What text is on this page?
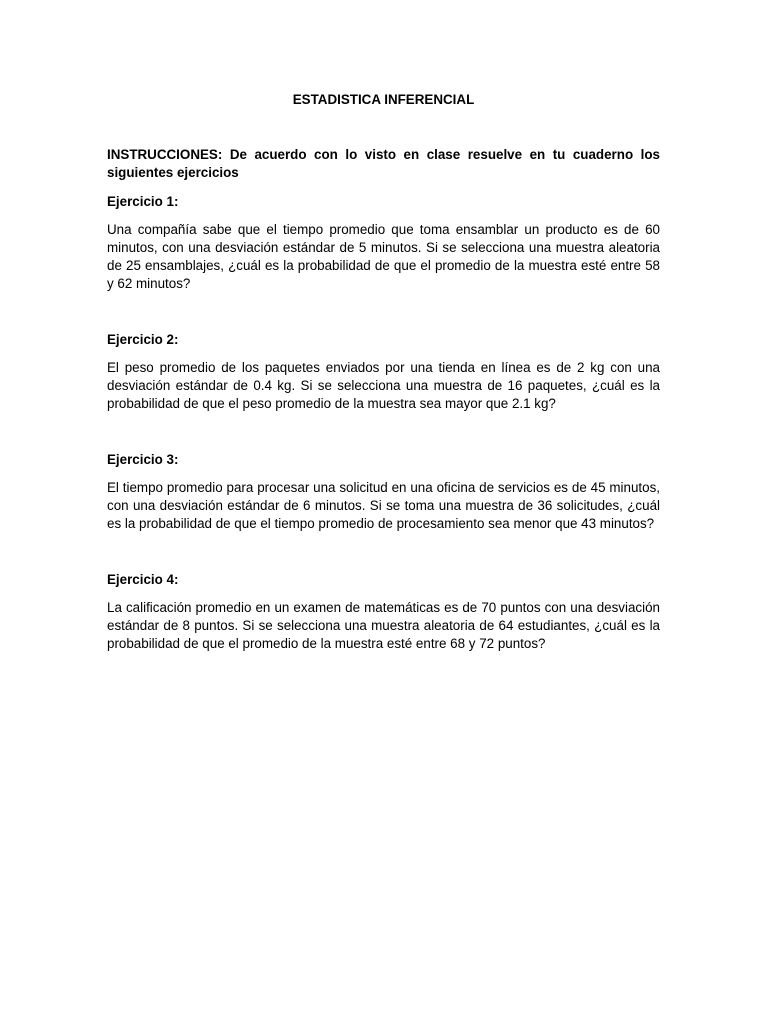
ESTADISTICA INFERENCIAL
INSTRUCCIONES: De acuerdo con lo visto en clase resuelve en tu cuaderno los siguientes ejercicios

Ejercicio 1:

Una compañía sabe que el tiempo promedio que toma ensamblar un producto es de 60 minutos, con una desviación estándar de 5 minutos. Si se selecciona una muestra aleatoria de 25 ensamblajes, ¿cuál es la probabilidad de que el promedio de la muestra esté entre 58 y 62 minutos?

Ejercicio 2:

El peso promedio de los paquetes enviados por una tienda en línea es de 2 kg con una desviación estándar de 0.4 kg. Si se selecciona una muestra de 16 paquetes, ¿cuál es la probabilidad de que el peso promedio de la muestra sea mayor que 2.1 kg?

Ejercicio 3:

El tiempo promedio para procesar una solicitud en una oficina de servicios es de 45 minutos, con una desviación estándar de 6 minutos. Si se toma una muestra de 36 solicitudes, ¿cuál es la probabilidad de que el tiempo promedio de procesamiento sea menor que 43 minutos?

Ejercicio 4:

La calificación promedio en un examen de matemáticas es de 70 puntos con una desviación estándar de 8 puntos. Si se selecciona una muestra aleatoria de 64 estudiantes, ¿cuál es la probabilidad de que el promedio de la muestra esté entre 68 y 72 puntos?
